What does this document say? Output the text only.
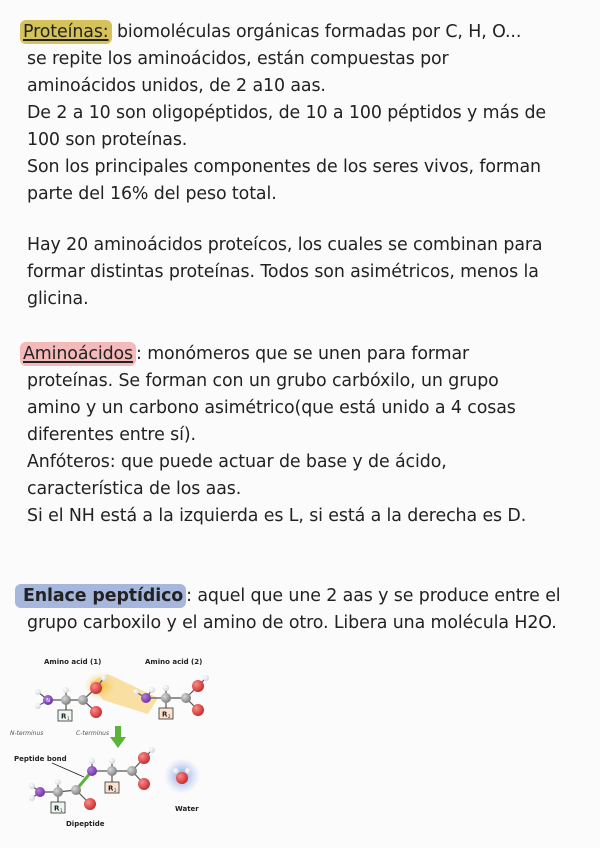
Proteínas: biomoléculas orgánicas formadas por C, H, O...

se repite los aminoácidos, están compuestas por

aminoácidos unidos, de 2 a10 aas.

De 2 a 10 son oligopéptidos, de 10 a 100 péptidos y más de

100 son proteínas.

Son los principales componentes de los seres vivos, forman

parte del 16% del peso total.

Hay 20 aminoácidos proteícos, los cuales se combinan para

formar distintas proteínas. Todos son asimétricos, menos la

glicina.

Aminoácidos : monómeros que se unen para formar

proteínas. Se forman con un grubo carbóxilo, un grupo

amino y un carbono asimétrico(que está unido a 4 cosas

diferentes entre sí).

Anfóteros: que puede actuar de base y de ácido,

característica de los aas.

Si el NH está a la izquierda es L, si está a la derecha es D.

Enlace peptídico : aquel que une 2 aas y se produce entre el

grupo carboxilo y el amino de otro. Libera una molécula H2O.

Amino acid (1)	Amino acid (2)
N
R 1	R 2
N-terminus	C-terminus
Peptide bond
R 1
R 2
Water
Dipeptide
